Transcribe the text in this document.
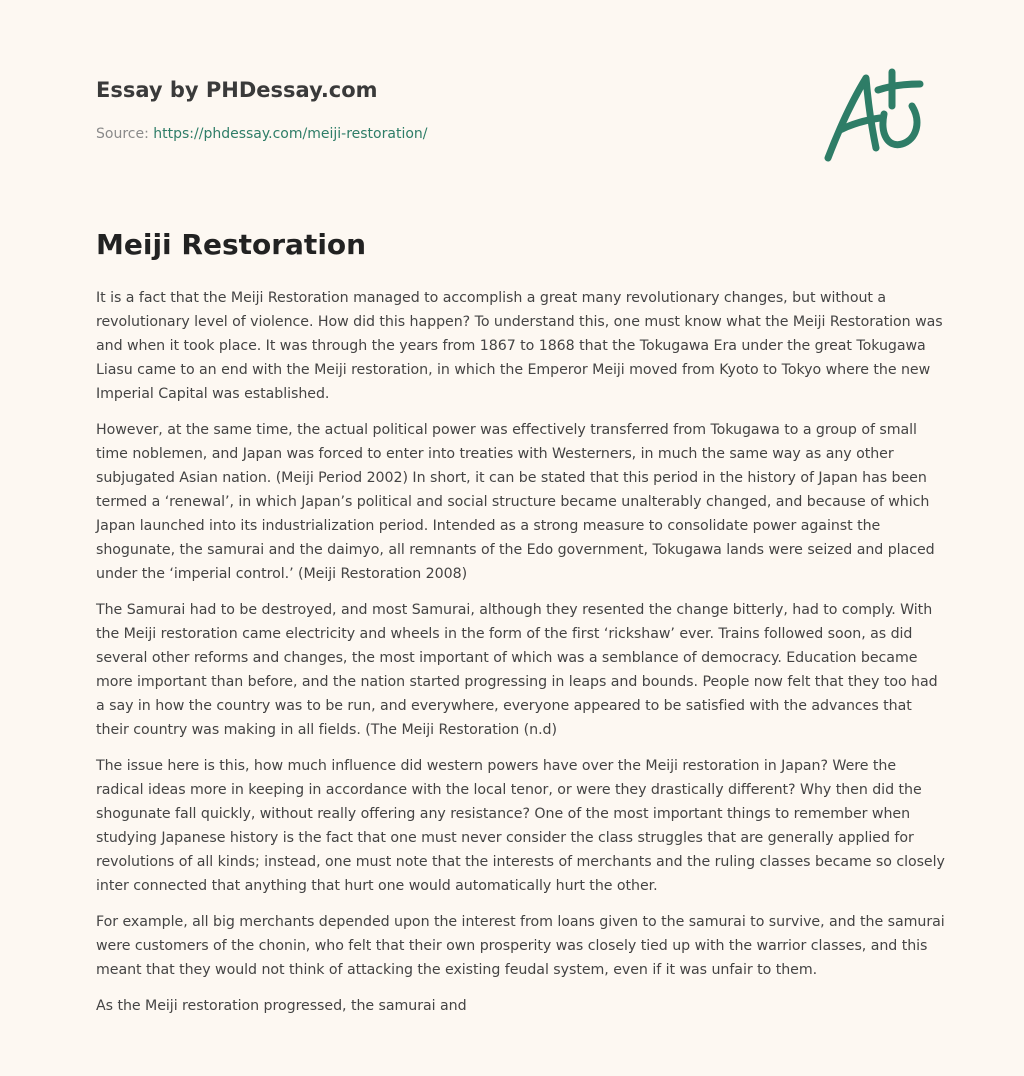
Essay by PHDessay.com
Source: https://phdessay.com/meiji-restoration/
Meiji Restoration

It is a fact that the Meiji Restoration managed to accomplish a great many revolutionary changes, but without a revolutionary level of violence. How did this happen? To understand this, one must know what the Meiji Restoration was and when it took place. It was through the years from 1867 to 1868 that the Tokugawa Era under the great Tokugawa Liasu came to an end with the Meiji restoration, in which the Emperor Meiji moved from Kyoto to Tokyo where the new Imperial Capital was established.

However, at the same time, the actual political power was effectively transferred from Tokugawa to a group of small time noblemen, and Japan was forced to enter into treaties with Westerners, in much the same way as any other subjugated Asian nation. (Meiji Period 2002) In short, it can be stated that this period in the history of Japan has been termed a ‘renewal’, in which Japan’s political and social structure became unalterably changed, and because of which Japan launched into its industrialization period. Intended as a strong measure to consolidate power against the shogunate, the samurai and the daimyo, all remnants of the Edo government, Tokugawa lands were seized and placed under the ‘imperial control.’ (Meiji Restoration 2008)

The Samurai had to be destroyed, and most Samurai, although they resented the change bitterly, had to comply. With the Meiji restoration came electricity and wheels in the form of the first ‘rickshaw’ ever. Trains followed soon, as did several other reforms and changes, the most important of which was a semblance of democracy. Education became more important than before, and the nation started progressing in leaps and bounds. People now felt that they too had a say in how the country was to be run, and everywhere, everyone appeared to be satisfied with the advances that their country was making in all fields. (The Meiji Restoration (n.d)

The issue here is this, how much influence did western powers have over the Meiji restoration in Japan? Were the radical ideas more in keeping in accordance with the local tenor, or were they drastically different? Why then did the shogunate fall quickly, without really offering any resistance? One of the most important things to remember when studying Japanese history is the fact that one must never consider the class struggles that are generally applied for revolutions of all kinds; instead, one must note that the interests of merchants and the ruling classes became so closely inter connected that anything that hurt one would automatically hurt the other.

For example, all big merchants depended upon the interest from loans given to the samurai to survive, and the samurai were customers of the chonin, who felt that their own prosperity was closely tied up with the warrior classes, and this meant that they would not think of attacking the existing feudal system, even if it was unfair to them.

As the Meiji restoration progressed, the samurai and
